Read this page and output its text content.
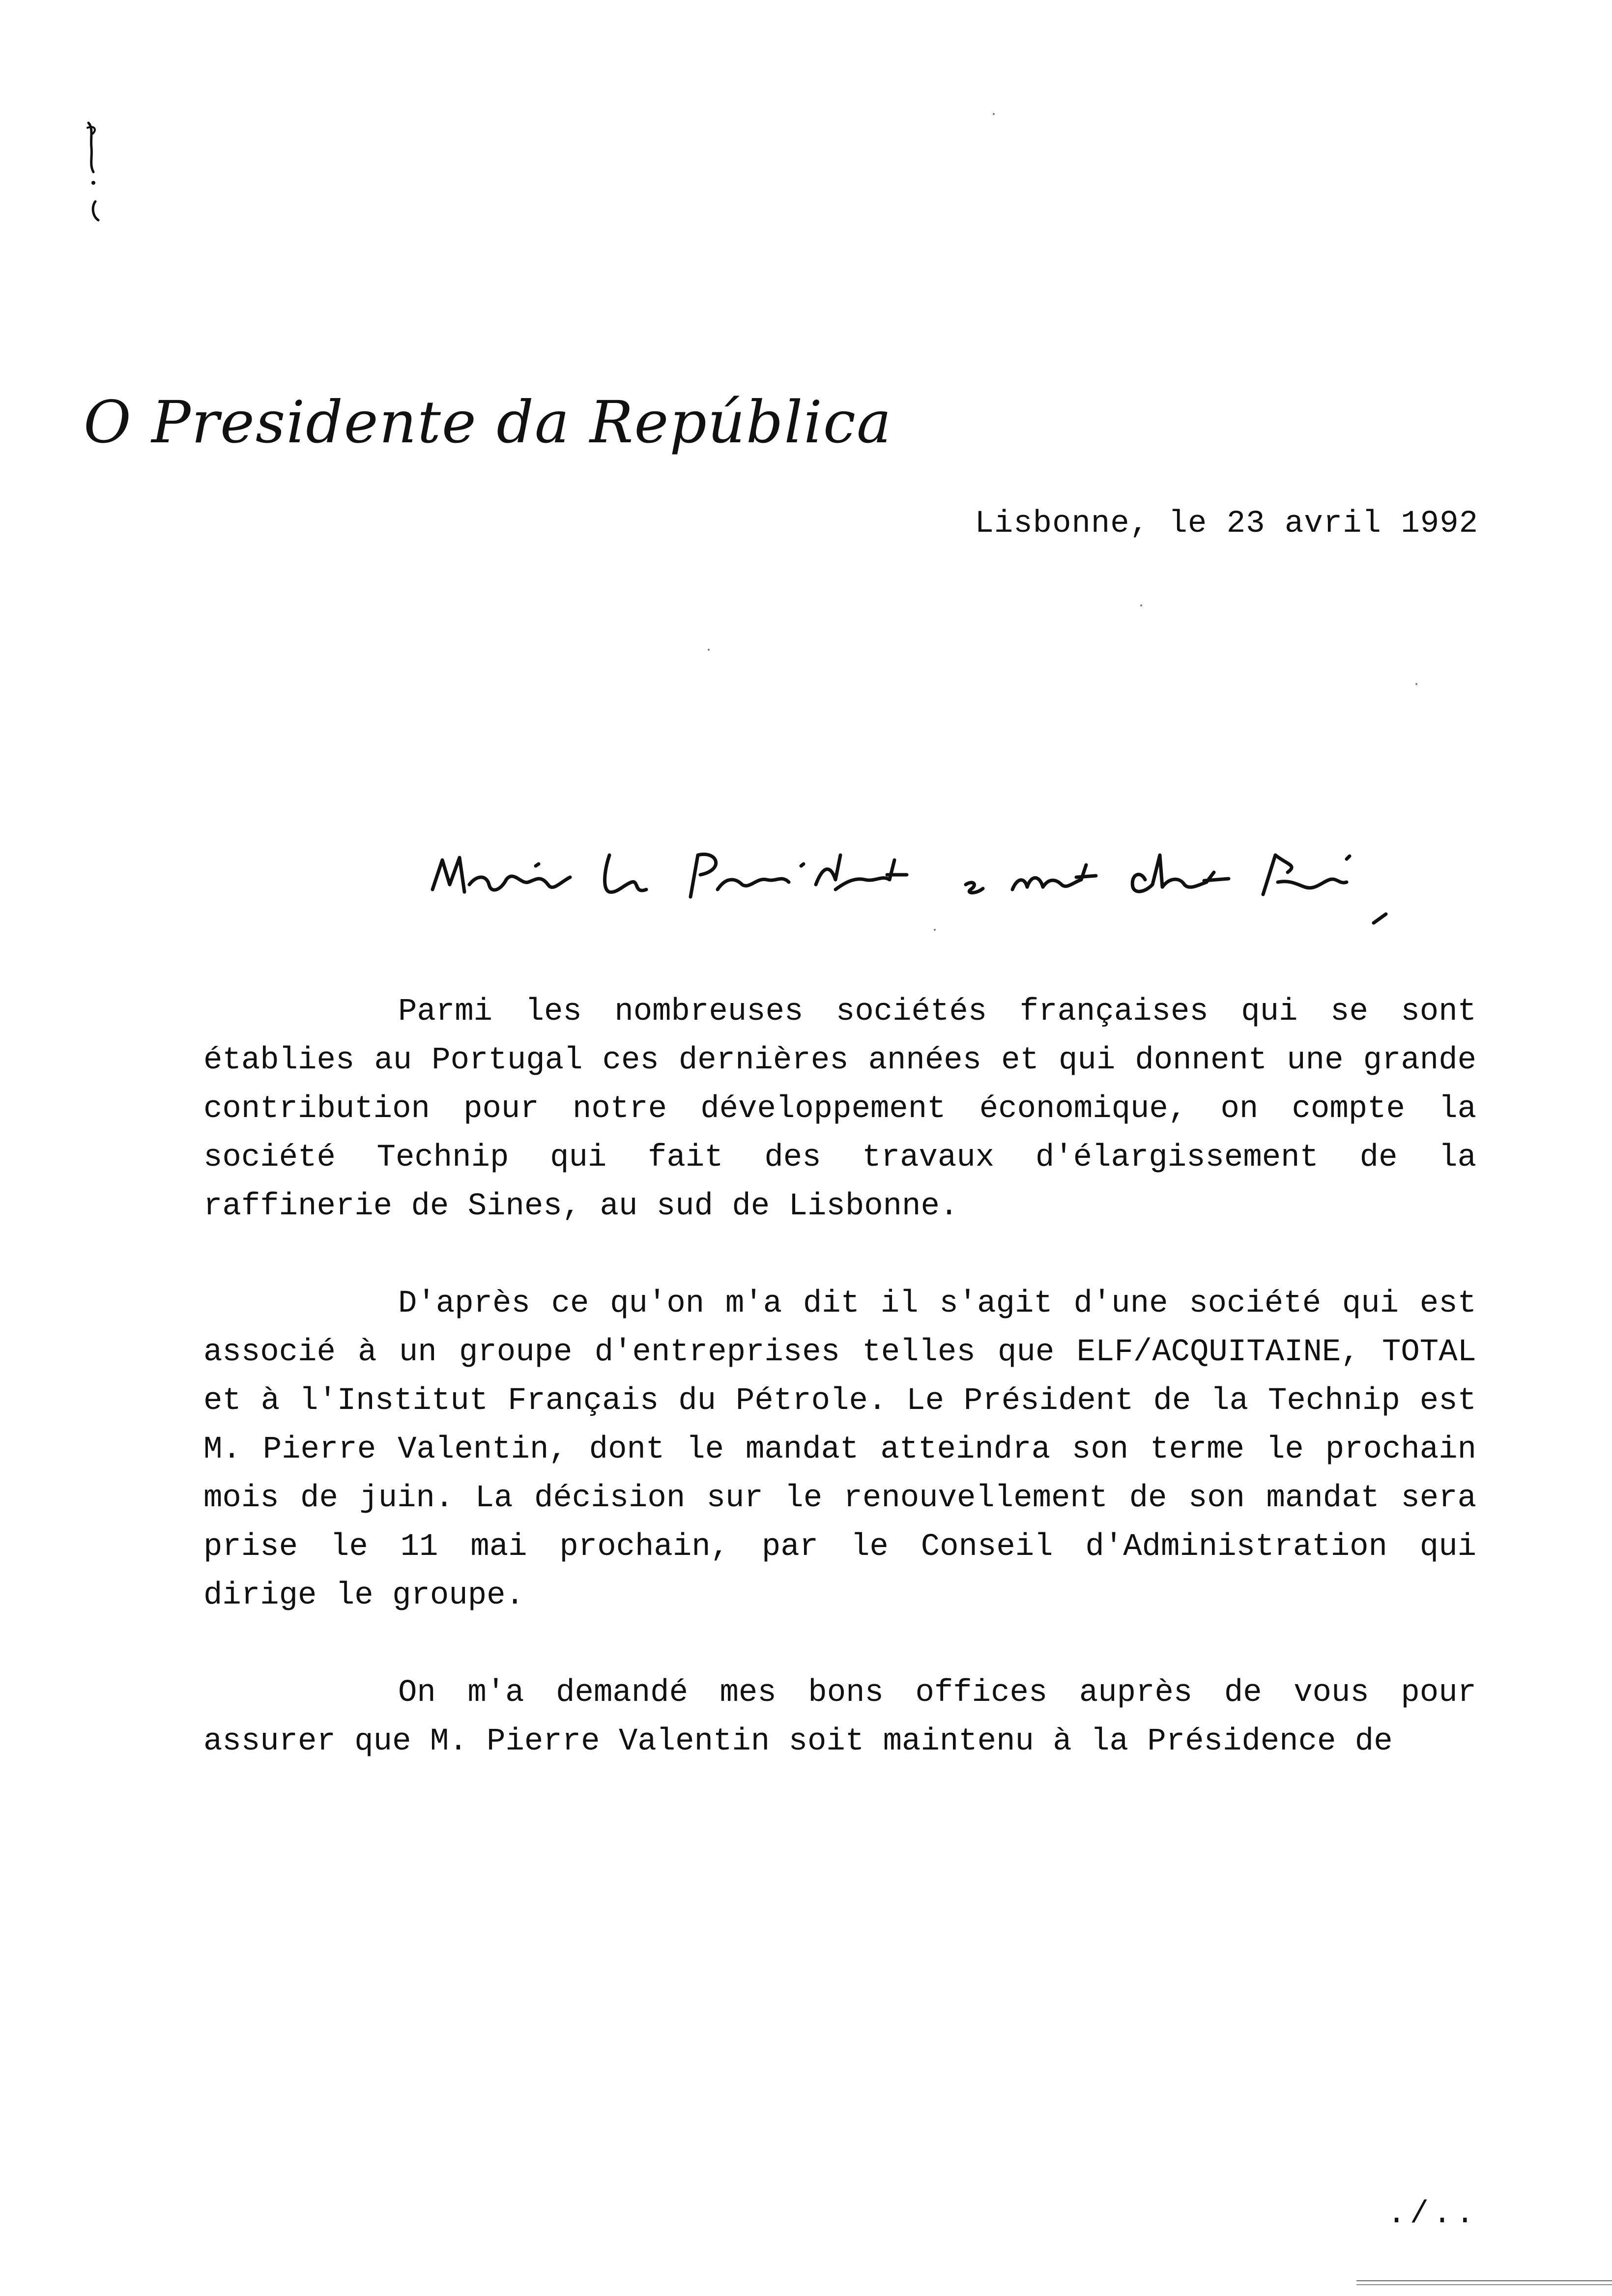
O Presidente da República
Lisbonne, le 23 avril 1992

Parmi les nombreuses sociétés françaises qui se sont établies au Portugal ces dernières années et qui donnent une grande contribution pour notre développement économique, on compte la société Technip qui fait des travaux d'élargissement de la raffinerie de Sines, au sud de Lisbonne.

D'après ce qu'on m'a dit il s'agit d'une société qui est associé à un groupe d'entreprises telles que ELF/ACQUITAINE, TOTAL et à l'Institut Français du Pétrole. Le Président de la Technip est M. Pierre Valentin, dont le mandat atteindra son terme le prochain mois de juin. La décision sur le renouvellement de son mandat sera prise le 11 mai prochain, par le Conseil d'Administration qui dirige le groupe.

On m'a demandé mes bons offices auprès de vous pour assurer que M. Pierre Valentin soit maintenu à la Présidence de

./..
